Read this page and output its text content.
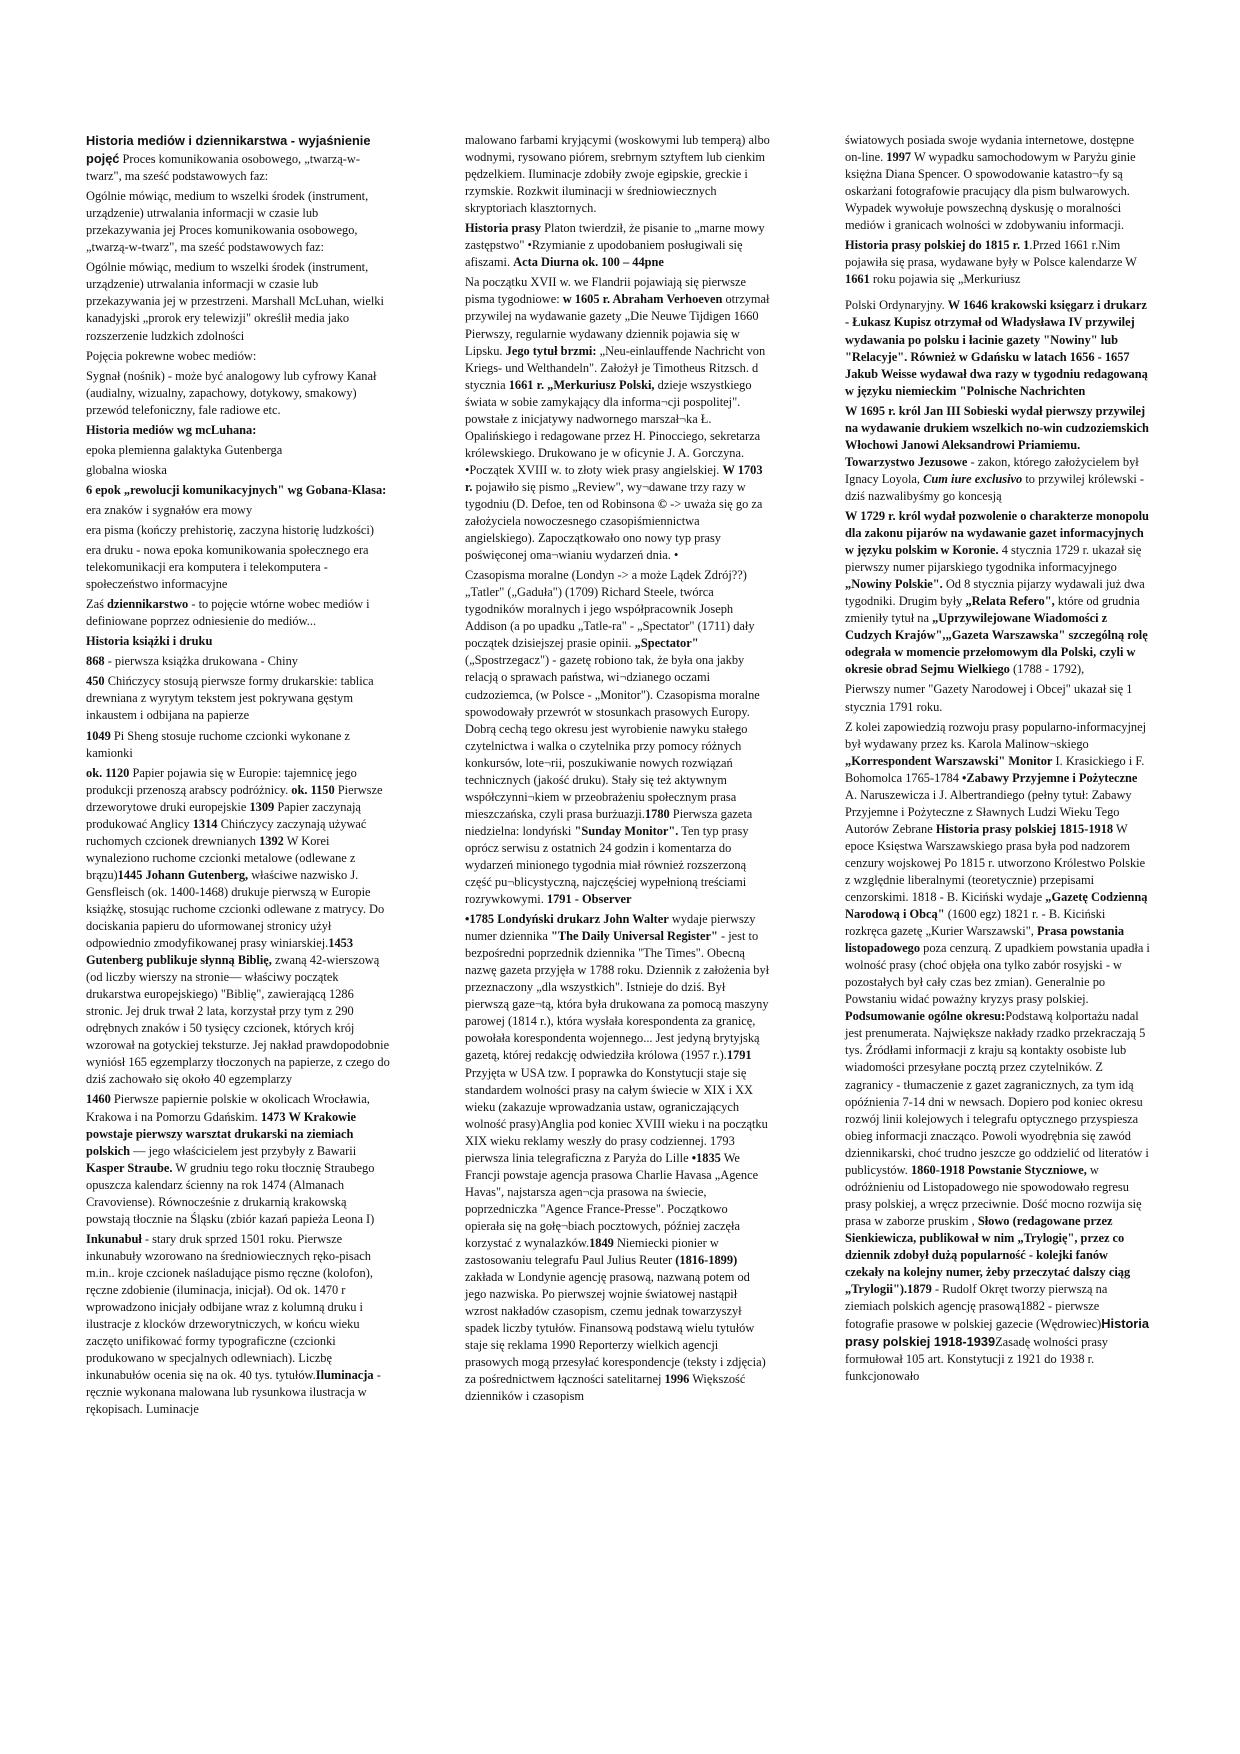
Historia mediów i dziennikarstwa - wyjaśnienie pojęć Proces komunikowania osobowego, „twarzą-w-twarz", ma sześć podstawowych faz:

Ogólnie mówiąc, medium to wszelki środek (instrument, urządzenie) utrwalania informacji w czasie lub przekazywania jej Proces komunikowania osobowego, „twarzą-w-twarz", ma sześć podstawowych faz:

Ogólnie mówiąc, medium to wszelki środek (instrument, urządzenie) utrwalania informacji w czasie lub przekazywania jej w przestrzeni. Marshall McLuhan, wielki kanadyjski „prorok ery telewizji" określił media jako rozszerzenie ludzkich zdolności

Pojęcia pokrewne wobec mediów:

Sygnał (nośnik) - może być analogowy lub cyfrowy Kanał (audialny, wizualny, zapachowy, dotykowy, smakowy) przewód telefoniczny, fale radiowe etc.

Historia mediów wg mcLuhana:

epoka plemienna galaktyka Gutenberga

globalna wioska

6 epok „rewolucji komunikacyjnych" wg Gobana-Klasa:

era znaków i sygnałów era mowy

era pisma (kończy prehistorię, zaczyna historię ludzkości)

era druku - nowa epoka komunikowania społecznego era telekomunikacji era komputera i telekomputera - społeczeństwo informacyjne

Zaś dziennikarstwo - to pojęcie wtórne wobec mediów i definiowane poprzez odniesienie do mediów...

Historia książki i druku

868 - pierwsza książka drukowana - Chiny

450 Chińczycy stosują pierwsze formy drukarskie: tablica drewniana z wyrytym tekstem jest pokrywana gęstym inkaustem i odbijana na papierze

1049 Pi Sheng stosuje ruchome czcionki wykonane z kamionki

ok. 1120 Papier pojawia się w Europie: tajemnicę jego produkcji przenoszą arabscy podróżnicy. ok. 1150 Pierwsze drzeworytowe druki europejskie 1309 Papier zaczynają produkować Anglicy 1314 Chińczycy zaczynają używać ruchomych czcionek drewnianych 1392 W Korei wynaleziono ruchome czcionki metalowe (odlewane z brązu)1445 Johann Gutenberg, właściwe nazwisko J. Gensfleisch (ok. 1400-1468) drukuje pierwszą w Europie książkę, stosując ruchome czcionki odlewane z matrycy. Do dociskania papieru do uformowanej stronicy użył odpowiednio zmodyfikowanej prasy winiarskiej.1453 Gutenberg publikuje słynną Biblię, zwaną 42-wierszową (od liczby wierszy na stronie— właściwy początek drukarstwa europejskiego) "Biblię", zawierającą 1286 stronic. Jej druk trwał 2 lata, korzystał przy tym z 290 odrębnych znaków i 50 tysięcy czcionek, których krój wzorował na gotyckiej teksturze. Jej nakład prawdopodobnie wyniósł 165 egzemplarzy tłoczonych na papierze, z czego do dziś zachowało się około 40 egzemplarzy

1460 Pierwsze papiernie polskie w okolicach Wrocławia, Krakowa i na Pomorzu Gdańskim. 1473 W Krakowie powstaje pierwszy warsztat drukarski na ziemiach polskich — jego właścicielem jest przybyły z Bawarii Kasper Straube. W grudniu tego roku tłocznię Straubego opuszcza kalendarz ścienny na rok 1474 (Almanach Cravoviense). Równocześnie z drukarnią krakowską powstają tłocznie na Śląsku (zbiór kazań papieża Leona I)

Inkunabuł - stary druk sprzed 1501 roku. Pierwsze inkunabuły wzorowano na średniowiecznych ręko-pisach m.in.. kroje czcionek naśladujące pismo ręczne (kolofon), ręczne zdobienie (iluminacja, inicjał). Od ok. 1470 r wprowadzono inicjały odbijane wraz z kolumną druku i ilustracje z klocków drzeworytniczych, w końcu wieku zaczęto unifikować formy typograficzne (czcionki produkowano w specjalnych odlewniach). Liczbę inkunabułów ocenia się na ok. 40 tys. tytułów.Iluminacja - ręcznie wykonana malowana lub rysunkowa ilustracja w rękopisach. Luminacje

malowano farbami kryjącymi (woskowymi lub temperą) albo wodnymi, rysowano piórem, srebrnym sztyftem lub cienkim pędzelkiem. Iluminacje zdobiły zwoje egipskie, greckie i rzymskie. Rozkwit iluminacji w średniowiecznych skryptoriach klasztornych.

Historia prasy Platon twierdził, że pisanie to „marne mowy zastępstwo" •Rzymianie z upodobaniem posługiwali się afiszami. Acta Diurna ok. 100 – 44pne

Na początku XVII w. we Flandrii pojawiają się pierwsze pisma tygodniowe: w 1605 r. Abraham Verhoeven otrzymał przywilej na wydawanie gazety „Die Neuwe Tijdigen 1660 Pierwszy, regularnie wydawany dziennik pojawia się w Lipsku. Jego tytuł brzmi: „Neu-einlauffende Nachricht von Kriegs- und Welthandeln". Założył je Timotheus Ritzsch. d stycznia 1661 r. „Merkuriusz Polski, dzieje wszystkiego świata w sobie zamykający dla informa¬cji pospolitej". powstałe z inicjatywy nadwornego marszał¬ka Ł. Opalińskiego i redagowane przez H. Pinocciego, sekretarza królewskiego. Drukowano je w oficynie J. A. Gorczyna. •Początek XVIII w. to złoty wiek prasy angielskiej. W 1703 r. pojawiło się pismo „Review", wy¬dawane trzy razy w tygodniu (D. Defoe, ten od Robinsona © -> uważa się go za założyciela nowoczesnego czasopiśmiennictwa angielskiego). Zapoczątkowało ono nowy typ prasy poświęconej oma¬wianiu wydarzeń dnia. •

Czasopisma moralne (Londyn -> a może Lądek Zdrój??) „Tatler" („Gaduła") (1709) Richard Steele, twórca tygodników moralnych i jego współpracownik Joseph Addison (a po upadku „Tatle-ra" - „Spectator" (1711) dały początek dzisiejszej prasie opinii. „Spectator" („Spostrzegacz") - gazetę robiono tak, że była ona jakby relacją o sprawach państwa, wi¬dzianego oczami cudzoziemca, (w Polsce - „Monitor"). Czasopisma moralne spowodowały przewrót w stosunkach prasowych Europy. Dobrą cechą tego okresu jest wyrobienie nawyku stałego czytelnictwa i walka o czytelnika przy pomocy różnych konkursów, lote¬rii, poszukiwanie nowych rozwiązań technicznych (jakość druku). Stały się też aktywnym współczynni¬kiem w przeobrażeniu społecznym prasa mieszczańska, czyli prasa burżuazji.1780 Pierwsza gazeta niedzielna: londyński "Sunday Monitor". Ten typ prasy oprócz serwisu z ostatnich 24 godzin i komentarza do wydarzeń minionego tygodnia miał również rozszerzoną część pu¬blicystyczną, najczęściej wypełnioną treściami rozrywkowymi. 1791 - Observer

•1785 Londyński drukarz John Walter wydaje pierwszy numer dziennika "The Daily Universal Register" - jest to bezpośredni poprzednik dziennika "The Times". Obecną nazwę gazeta przyjęła w 1788 roku. Dziennik z założenia był przeznaczony „dla wszystkich". Istnieje do dziś. Był pierwszą gaze¬tą, która była drukowana za pomocą maszyny parowej (1814 r.), która wysłała korespondenta za granicę, powołała korespondenta wojennego... Jest jedyną brytyjską gazetą, której redakcję odwiedziła królowa (1957 r.).1791 Przyjęta w USA tzw. I poprawka do Konstytucji staje się standardem wolności prasy na całym świecie w XIX i XX wieku (zakazuje wprowadzania ustaw, ograniczających wolność prasy)Anglia pod koniec XVIII wieku i na początku XIX wieku reklamy weszły do prasy codziennej. 1793 pierwsza linia telegraficzna z Paryża do Lille •1835 We Francji powstaje agencja prasowa Charlie Havasa „Agence Havas", najstarsza agen¬cja prasowa na świecie, poprzedniczka "Agence France-Presse". Początkowo opierała się na gołę¬biach pocztowych, później zaczęła korzystać z wynalazków.1849 Niemiecki pionier w zastosowaniu telegrafu Paul Julius Reuter (1816-1899) zakłada w Londynie agencję prasową, nazwaną potem od jego nazwiska. Po pierwszej wojnie światowej nastąpił wzrost nakładów czasopism, czemu jednak towarzyszył spadek liczby tytułów. Finansową podstawą wielu tytułów staje się reklama 1990 Reporterzy wielkich agencji prasowych mogą przesyłać korespondencje (teksty i zdjęcia) za pośrednictwem łączności satelitarnej 1996 Większość dzienników i czasopism

światowych posiada swoje wydania internetowe, dostępne on-line. 1997 W wypadku samochodowym w Paryżu ginie księżna Diana Spencer. O spowodowanie katastro¬fy są oskarżani fotografowie pracujący dla pism bulwarowych. Wypadek wywołuje powszechną dyskusję o moralności mediów i granicach wolności w zdobywaniu informacji.

Historia prasy polskiej do 1815 r. 1.Przed 1661 r.Nim pojawiła się prasa, wydawane były w Polsce kalendarze W 1661 roku pojawia się „Merkuriusz

Polski Ordynaryjny. W 1646 krakowski księgarz i drukarz - Łukasz Kupisz otrzymał od Władysława IV przywilej wydawania po polsku i łacinie gazety "Nowiny" lub "Relacyje". Również w Gdańsku w latach 1656 - 1657 Jakub Weisse wydawał dwa razy w tygodniu redagowaną w języku niemieckim "Polnische Nachrichten

W 1695 r. król Jan III Sobieski wydał pierwszy przywilej na wydawanie drukiem wszelkich no-win cudzoziemskich Włochowi Janowi Aleksandrowi Priamiemu. Towarzystwo Jezusowe - zakon, którego założycielem był Ignacy Loyola, Cum iure exclusivo to przywilej królewski - dziś nazwalibyśmy go koncesją

W 1729 r. król wydał pozwolenie o charakterze monopolu dla zakonu pijarów na wydawanie gazet informacyjnych w języku polskim w Koronie. 4 stycznia 1729 r. ukazał się pierwszy numer pijarskiego tygodnika informacyjnego „Nowiny Polskie". Od 8 stycznia pijarzy wydawali już dwa tygodniki. Drugim były „Relata Refero", które od grudnia zmieniły tytuł na „Uprzywilejowane Wiadomości z Cudzych Krajów",„Gazeta Warszawska" szczególną rolę odegrała w momencie przełomowym dla Polski, czyli w okresie obrad Sejmu Wielkiego (1788 - 1792),

Pierwszy numer "Gazety Narodowej i Obcej" ukazał się 1 stycznia 1791 roku.

Z kolei zapowiedzią rozwoju prasy popularno-informacyjnej był wydawany przez ks. Karola Malinow¬skiego „Korrespondent Warszawski" Monitor I. Krasickiego i F. Bohomolca 1765-1784 •Zabawy Przyjemne i Pożyteczne A. Naruszewicza i J. Albertrandiego (pełny tytuł: Zabawy Przyjemne i Pożyteczne z Sławnych Ludzi Wieku Tego Autorów Zebrane Historia prasy polskiej 1815-1918 W epoce Księstwa Warszawskiego prasa była pod nadzorem cenzury wojskowej Po 1815 r. utworzono Królestwo Polskie z względnie liberalnymi (teoretycznie) przepisami cenzorskimi. 1818 - B. Kiciński wydaje „Gazetę Codzienną Narodową i Obcą" (1600 egz) 1821 r. - B. Kiciński rozkręca gazetę „Kurier Warszawski", Prasa powstania listopadowego poza cenzurą. Z upadkiem powstania upadła i wolność prasy (choć objęła ona tylko zabór rosyjski - w pozostałych był cały czas bez zmian). Generalnie po Powstaniu widać poważny kryzys prasy polskiej. Podsumowanie ogólne okresu:Podstawą kolportażu nadal jest prenumerata. Największe nakłady rzadko przekraczają 5 tys. Źródłami informacji z kraju są kontakty osobiste lub wiadomości przesyłane pocztą przez czytelników. Z zagranicy - tłumaczenie z gazet zagranicznych, za tym idą opóźnienia 7-14 dni w newsach. Dopiero pod koniec okresu rozwój linii kolejowych i telegrafu optycznego przyspiesza obieg informacji znacząco. Powoli wyodrębnia się zawód dziennikarski, choć trudno jeszcze go oddzielić od literatów i publicystów. 1860-1918 Powstanie Styczniowe, w odróżnieniu od Listopadowego nie spowodowało regresu prasy polskiej, a wręcz przeciwnie. Dość mocno rozwija się prasa w zaborze pruskim , Słowo (redagowane przez Sienkiewicza, publikował w nim „Trylogię", przez co dziennik zdobył dużą popularność - kolejki fanów czekały na kolejny numer, żeby przeczytać dalszy ciąg „Trylogii").1879 - Rudolf Okręt tworzy pierwszą na ziemiach polskich agencję prasową1882 - pierwsze fotografie prasowe w polskiej gazecie (Wędrowiec)Historia prasy polskiej 1918-1939Zasadę wolności prasy formułował 105 art. Konstytucji z 1921 do 1938 r. funkcjonowało
